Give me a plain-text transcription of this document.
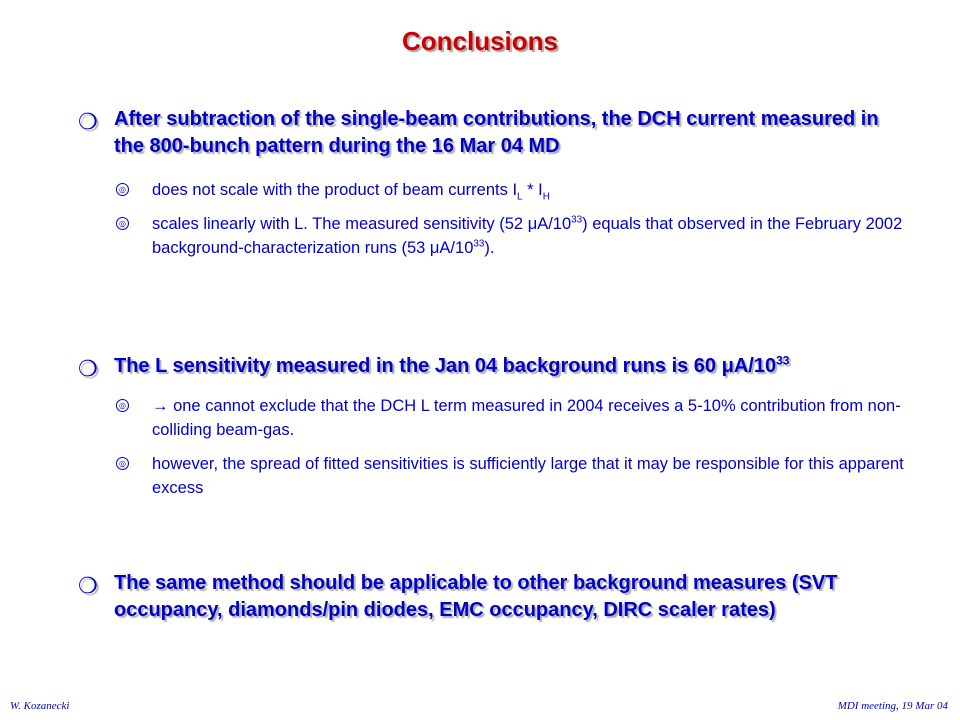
Conclusions
❍ After subtraction of the single-beam contributions, the DCH current measured in the 800-bunch pattern during the 16 Mar 04 MD
◎ does not scale with the product of beam currents $I_L * I_H$
◎ scales linearly with L. The measured sensitivity (52 $\mu A/10^{33}$) equals that observed in the February 2002 background-characterization runs (53 $\mu A/10^{33}$).
❍ The L sensitivity measured in the Jan 04 background runs is 60 $\mu A/10^{33}$
◎ → one cannot exclude that the DCH L term measured in 2004 receives a 5-10% contribution from non-colliding beam-gas.
◎ however, the spread of fitted sensitivities is sufficiently large that it may be responsible for this apparent excess
❍ The same method should be applicable to other background measures (SVT occupancy, diamonds/pin diodes, EMC occupancy, DIRC scaler rates)
W. Kozanecki	MDI meeting, 19 Mar 04
